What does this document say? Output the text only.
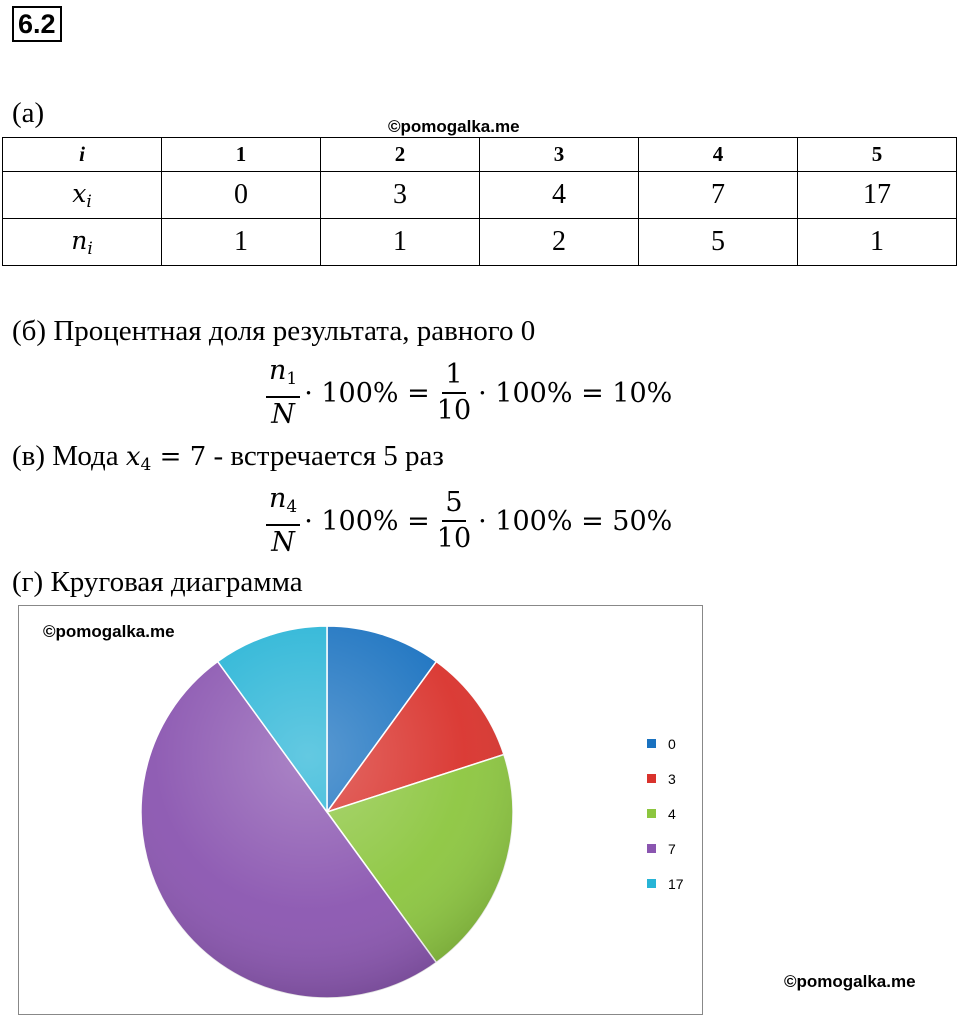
6.2
(а)	©pomogalka.me
i	1	2	3	4	5
$x_i$	0	3	4	7	17
$n_i$	1	1	2	5	1
(б) Процентная доля результата, равного 0
$\frac{n_1}{N} \cdot 100\% = \frac{1}{10} \cdot 100\% = 10\%$
(в) Мода $x_4 = 7$ - встречается 5 раз
$\frac{n_4}{N} \cdot 100\% = \frac{5}{10} \cdot 100\% = 50\%$
(г) Круговая диаграмма
©pomogalka.me
0
3
4
7
17
©pomogalka.me
